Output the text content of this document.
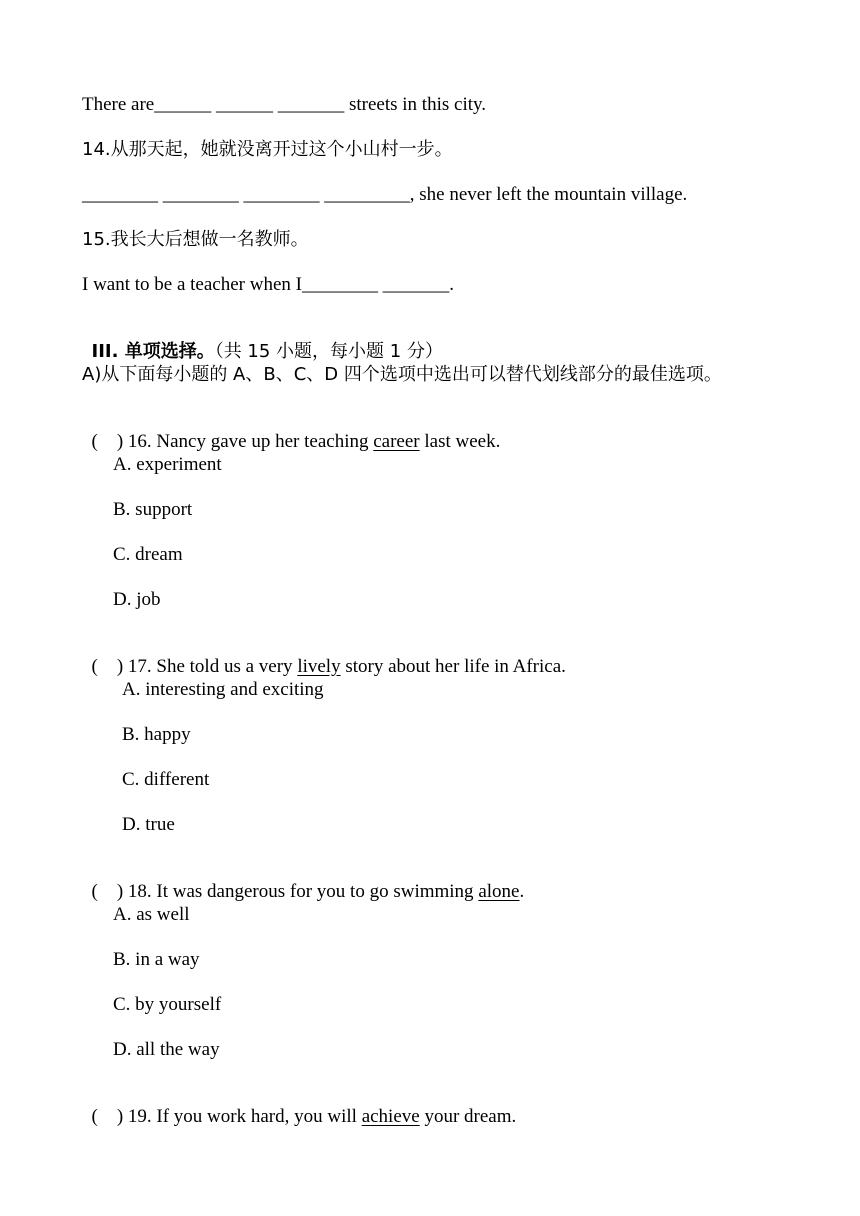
There are______ ______ _______ streets in this city.
14.从那天起，她就没离开过这个小山村一步。
________ ________ ________ _________, she never left the mountain village.
15.我长大后想做一名教师。
I want to be a teacher when I________ _______.

III. 单项选择。（共 15 小题，每小题 1 分）

A)从下面每小题的 A、B、C、D 四个选项中选出可以替代划线部分的最佳选项。

(    ) 16. Nancy gave up her teaching career last week.

A. experiment
B. support
C. dream
D. job

(    ) 17. She told us a very lively story about her life in Africa.

A. interesting and exciting
B. happy
C. different
D. true

(    ) 18. It was dangerous for you to go swimming alone.

A. as well
B. in a way
C. by yourself
D. all the way

(    ) 19. If you work hard, you will achieve your dream.
